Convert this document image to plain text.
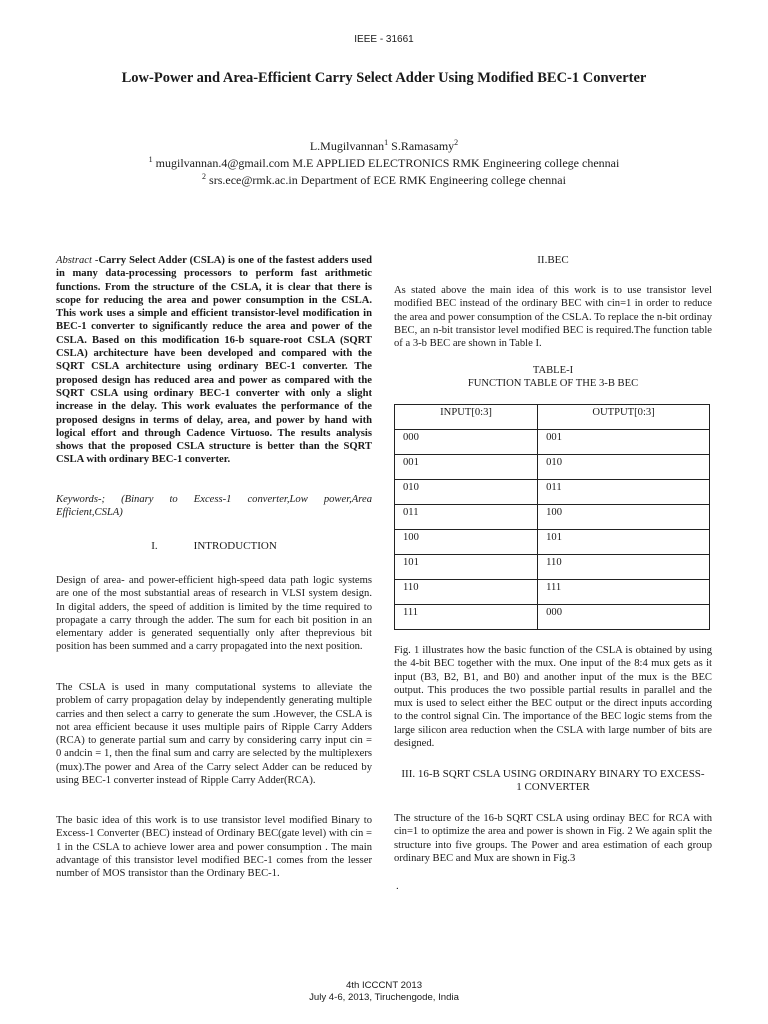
IEEE - 31661
Low-Power and Area-Efficient Carry Select Adder Using Modified BEC-1 Converter
L.Mugilvannan$^1$ S.Ramasamy$^2$
$^1$ mugilvannan.4@gmail.com M.E APPLIED ELECTRONICS RMK Engineering college chennai
$^2$ srs.ece@rmk.ac.in Department of ECE RMK Engineering college chennai
Abstract -Carry Select Adder (CSLA) is one of the fastest adders used in many data-processing processors to perform fast arithmetic functions. From the structure of the CSLA, it is clear that there is scope for reducing the area and power consumption in the CSLA. This work uses a simple and efficient transistor-level modification in BEC-1 converter to significantly reduce the area and power of the CSLA. Based on this modification 16-b square-root CSLA (SQRT CSLA) architecture have been developed and compared with the SQRT CSLA architecture using ordinary BEC-1 converter. The proposed design has reduced area and power as compared with the SQRT CSLA using ordinary BEC-1 converter with only a slight increase in the delay. This work evaluates the performance of the proposed designs in terms of delay, area, and power by hand with logical effort and through Cadence Virtuoso. The results analysis shows that the proposed CSLA structure is better than the SQRT CSLA with ordinary BEC-1 converter.
Keywords-; (Binary to Excess-1 converter,Low power,Area Efficient,CSLA)
I.	INTRODUCTION
Design of area- and power-efficient high-speed data path logic systems are one of the most substantial areas of research in VLSI system design. In digital adders, the speed of addition is limited by the time required to propagate a carry through the adder. The sum for each bit position in an elementary adder is generated sequentially only after theprevious bit position has been summed and a carry propagated into the next position.
The CSLA is used in many computational systems to alleviate the problem of carry propagation delay by independently generating multiple carries and then select a carry to generate the sum .However, the CSLA is not area efficient because it uses multiple pairs of Ripple Carry Adders (RCA) to generate partial sum and carry by considering carry input cin = 0 andcin = 1, then the final sum and carry are selected by the multiplexers (mux).The power and Area of the Carry select Adder can be reduced by using BEC-1 converter instead of Ripple Carry Adder(RCA).
The basic idea of this work is to use transistor level modified Binary to Excess-1 Converter (BEC) instead of Ordinary BEC(gate level) with cin = 1 in the CSLA to achieve lower area and power consumption . The main advantage of this transistor level modified BEC-1 comes from the lesser number of MOS transistor than the Ordinary BEC-1.
II.BEC
As stated above the main idea of this work is to use transistor level modified BEC instead of the ordinary BEC with cin=1 in order to reduce the area and power consumption of the CSLA. To replace the n-bit ordinay BEC, an n-bit transistor level modified BEC is required.The function table of a 3-b BEC are shown in Table I.
TABLE-I
FUNCTION TABLE OF THE 3-B BEC
INPUT[0:3]	OUTPUT[0:3]
000	001
001	010
010	011
011	100
100	101
101	110
110	111
111	000
Fig. 1 illustrates how the basic function of the CSLA is obtained by using the 4-bit BEC together with the mux. One input of the 8:4 mux gets as it input (B3, B2, B1, and B0) and another input of the mux is the BEC output. This produces the two possible partial results in parallel and the mux is used to select either the BEC output or the direct inputs according to the control signal Cin. The importance of the BEC logic stems from the large silicon area reduction when the CSLA with large number of bits are designed.
III. 16-B SQRT CSLA USING ORDINARY BINARY TO EXCESS-
1 CONVERTER
The structure of the 16-b SQRT CSLA using ordinay BEC for RCA with cin=1 to optimize the area and power is shown in Fig. 2 We again split the structure into five groups. The Power and area estimation of each group ordinary BEC and Mux are shown in Fig.3
.
4th ICCCNT 2013
July 4-6, 2013, Tiruchengode, India
